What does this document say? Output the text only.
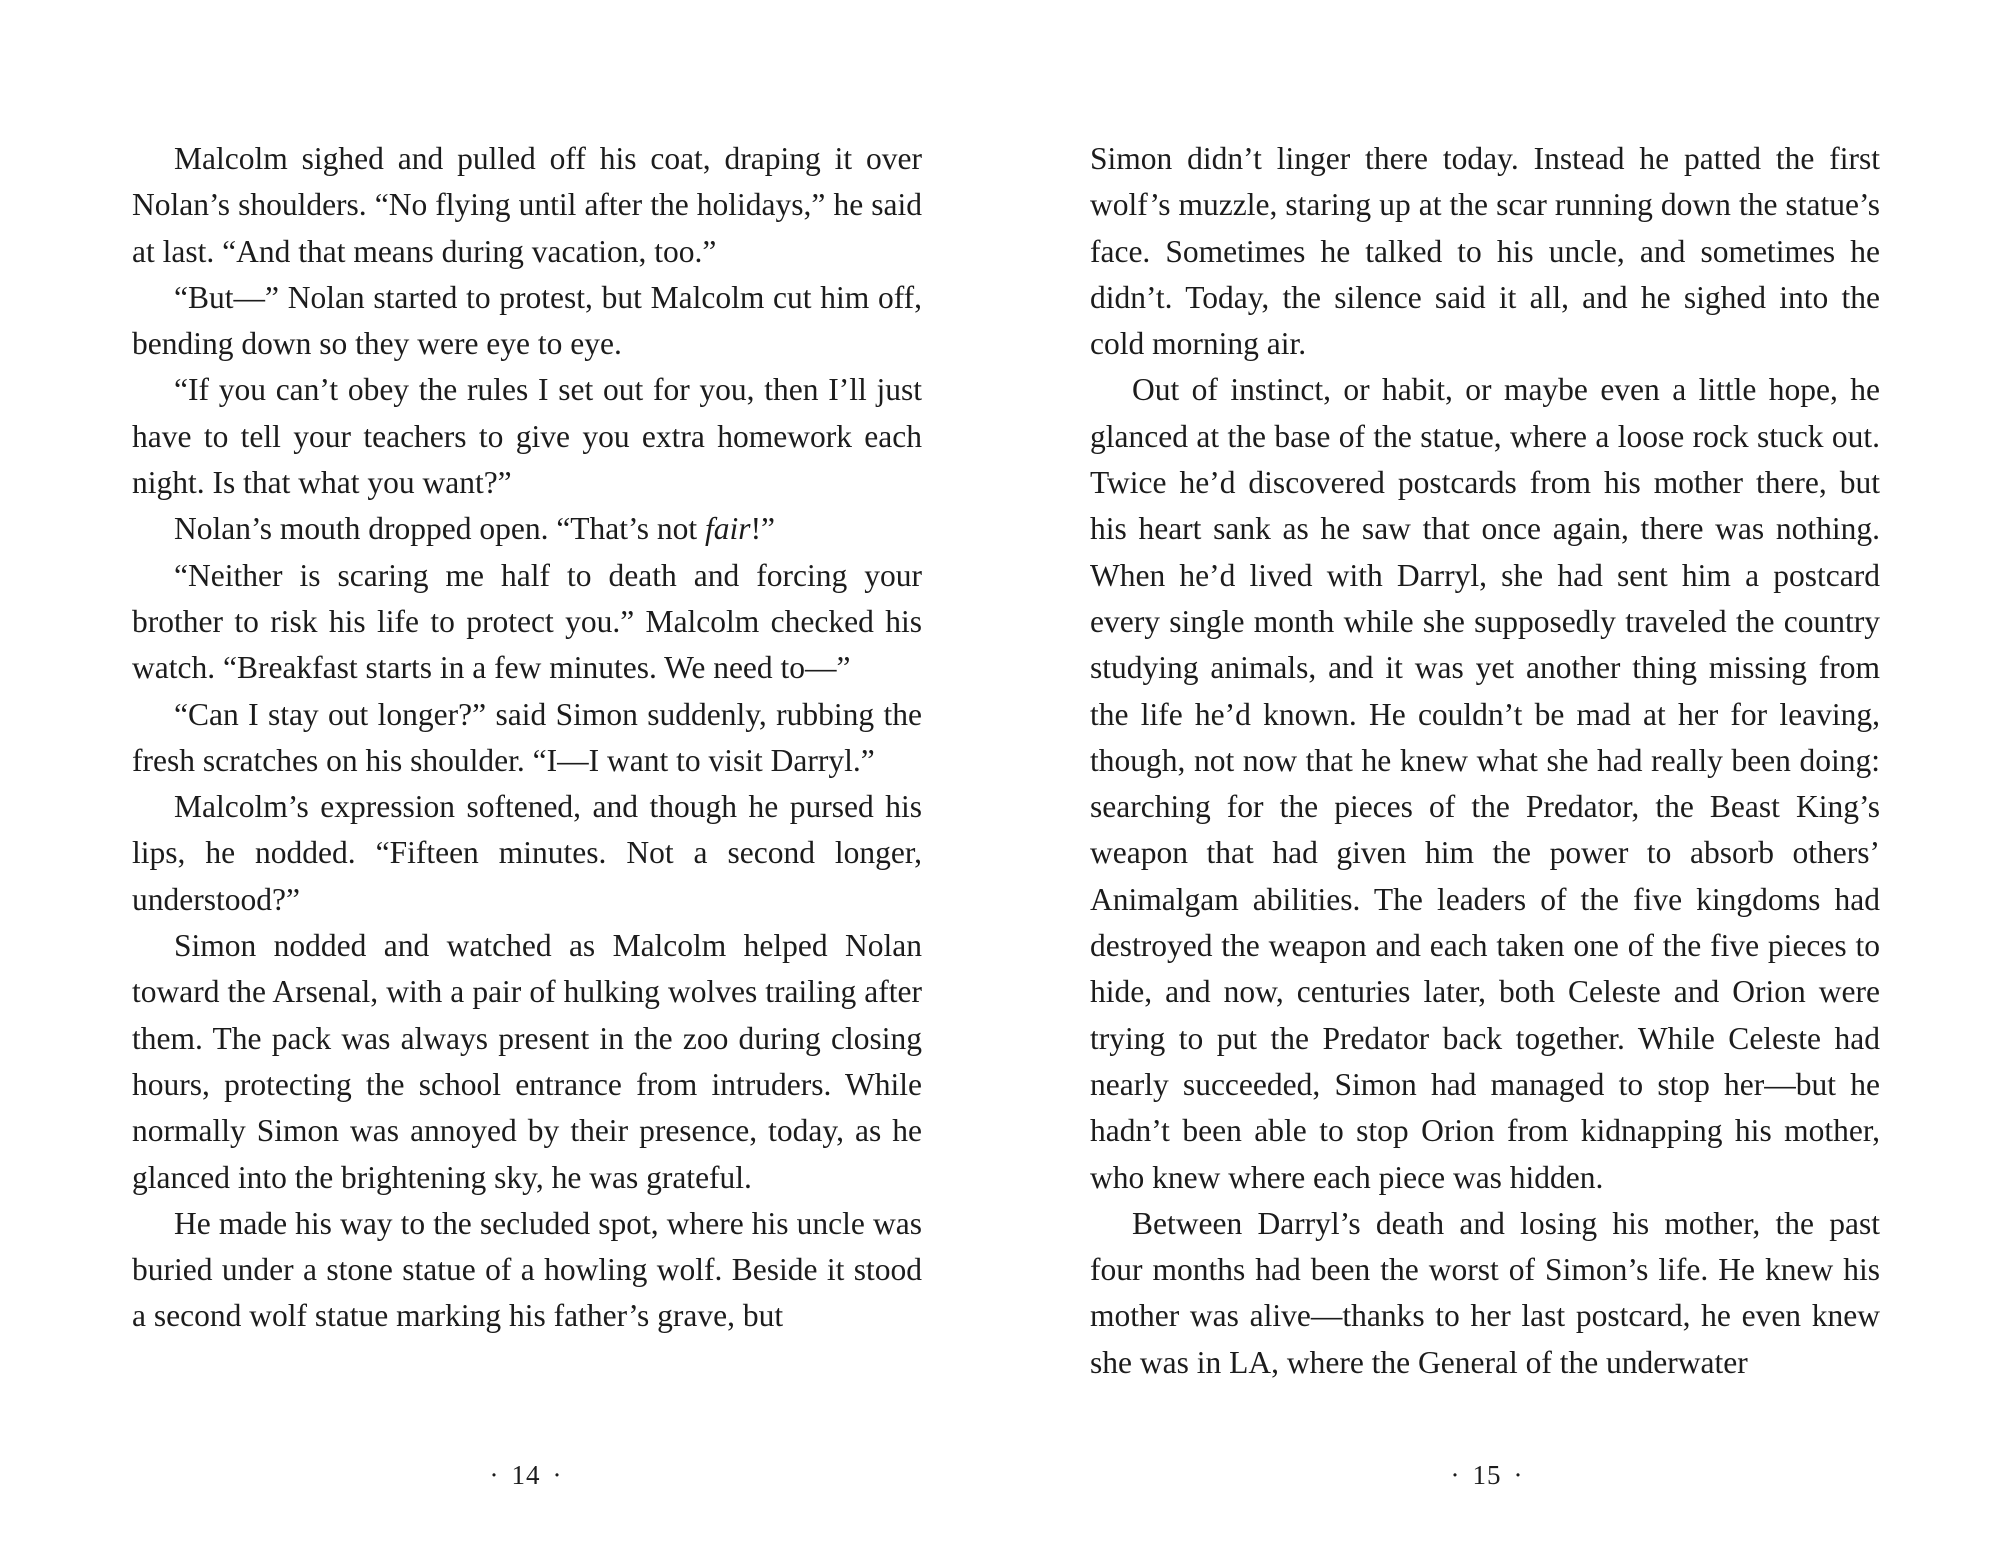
Malcolm sighed and pulled off his coat, draping it over Nolan’s shoulders. “No flying until after the holidays,” he said at last. “And that means during vacation, too.”

“But—” Nolan started to protest, but Malcolm cut him off, bending down so they were eye to eye.

“If you can’t obey the rules I set out for you, then I’ll just have to tell your teachers to give you extra homework each night. Is that what you want?”

Nolan’s mouth dropped open. “That’s not fair!”

“Neither is scaring me half to death and forcing your brother to risk his life to protect you.” Malcolm checked his watch. “Breakfast starts in a few minutes. We need to—”

“Can I stay out longer?” said Simon suddenly, rubbing the fresh scratches on his shoulder. “I—I want to visit Darryl.”

Malcolm’s expression softened, and though he pursed his lips, he nodded. “Fifteen minutes. Not a second longer, understood?”

Simon nodded and watched as Malcolm helped Nolan toward the Arsenal, with a pair of hulking wolves trailing after them. The pack was always present in the zoo during closing hours, protecting the school entrance from intruders. While normally Simon was annoyed by their presence, today, as he glanced into the brightening sky, he was grateful.

He made his way to the secluded spot, where his uncle was buried under a stone statue of a howling wolf. Beside it stood a second wolf statue marking his father’s grave, but

Simon didn’t linger there today. Instead he patted the first wolf’s muzzle, staring up at the scar running down the statue’s face. Sometimes he talked to his uncle, and sometimes he didn’t. Today, the silence said it all, and he sighed into the cold morning air.

Out of instinct, or habit, or maybe even a little hope, he glanced at the base of the statue, where a loose rock stuck out. Twice he’d discovered postcards from his mother there, but his heart sank as he saw that once again, there was nothing. When he’d lived with Darryl, she had sent him a postcard every single month while she supposedly traveled the country studying animals, and it was yet another thing missing from the life he’d known. He couldn’t be mad at her for leaving, though, not now that he knew what she had really been doing: searching for the pieces of the Predator, the Beast King’s weapon that had given him the power to absorb others’ Animalgam abilities. The leaders of the five kingdoms had destroyed the weapon and each taken one of the five pieces to hide, and now, centuries later, both Celeste and Orion were trying to put the Predator back together. While Celeste had nearly succeeded, Simon had managed to stop her—but he hadn’t been able to stop Orion from kidnapping his mother, who knew where each piece was hidden.

Between Darryl’s death and losing his mother, the past four months had been the worst of Simon’s life. He knew his mother was alive—thanks to her last postcard, he even knew she was in LA, where the General of the underwater

· 14 ·	· 15 ·
